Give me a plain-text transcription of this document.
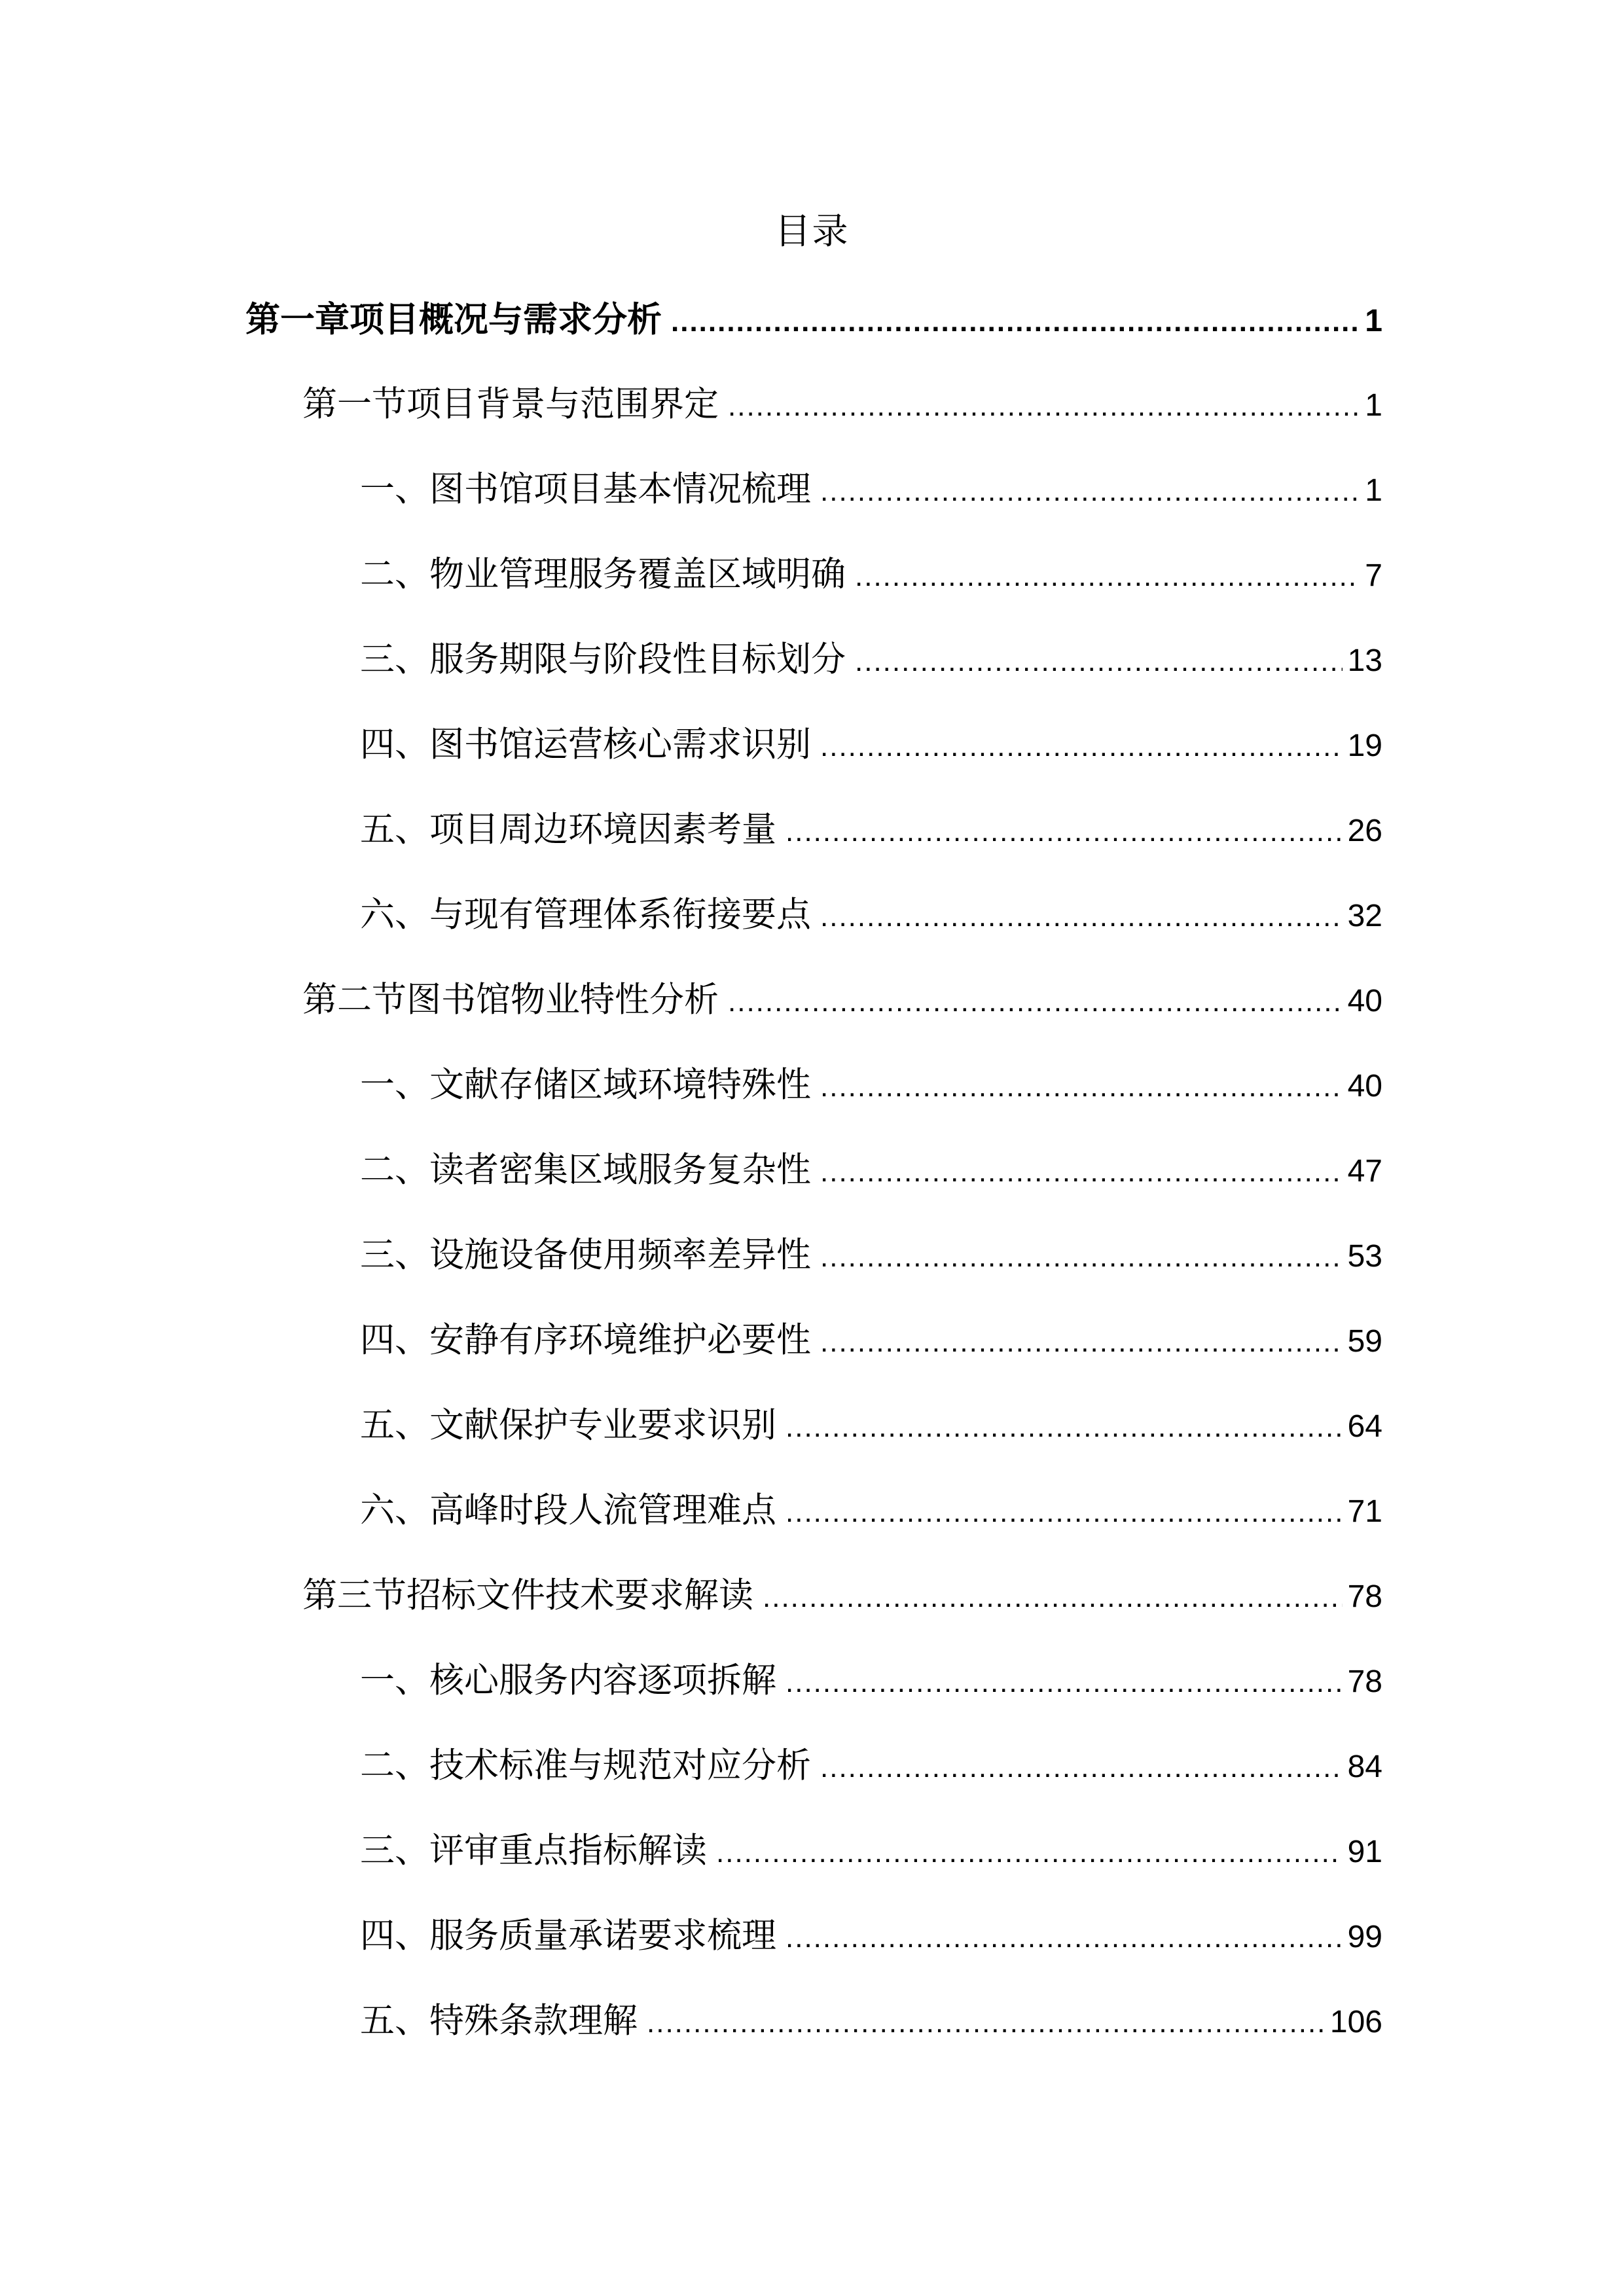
目录
第一章项目概况与需求分析 .....	1
第一节项目背景与范围界定 .....	1
一、图书馆项目基本情况梳理 .....	1
二、物业管理服务覆盖区域明确 .....	7
三、服务期限与阶段性目标划分 .....	13
四、图书馆运营核心需求识别 .....	19
五、项目周边环境因素考量 .....	26
六、与现有管理体系衔接要点 .....	32
第二节图书馆物业特性分析 .....	40
一、文献存储区域环境特殊性 .....	40
二、读者密集区域服务复杂性 .....	47
三、设施设备使用频率差异性 .....	53
四、安静有序环境维护必要性 .....	59
五、文献保护专业要求识别 .....	64
六、高峰时段人流管理难点 .....	71
第三节招标文件技术要求解读 .....	78
一、核心服务内容逐项拆解 .....	78
二、技术标准与规范对应分析 .....	84
三、评审重点指标解读 .....	91
四、服务质量承诺要求梳理 .....	99
五、特殊条款理解 .....	106
